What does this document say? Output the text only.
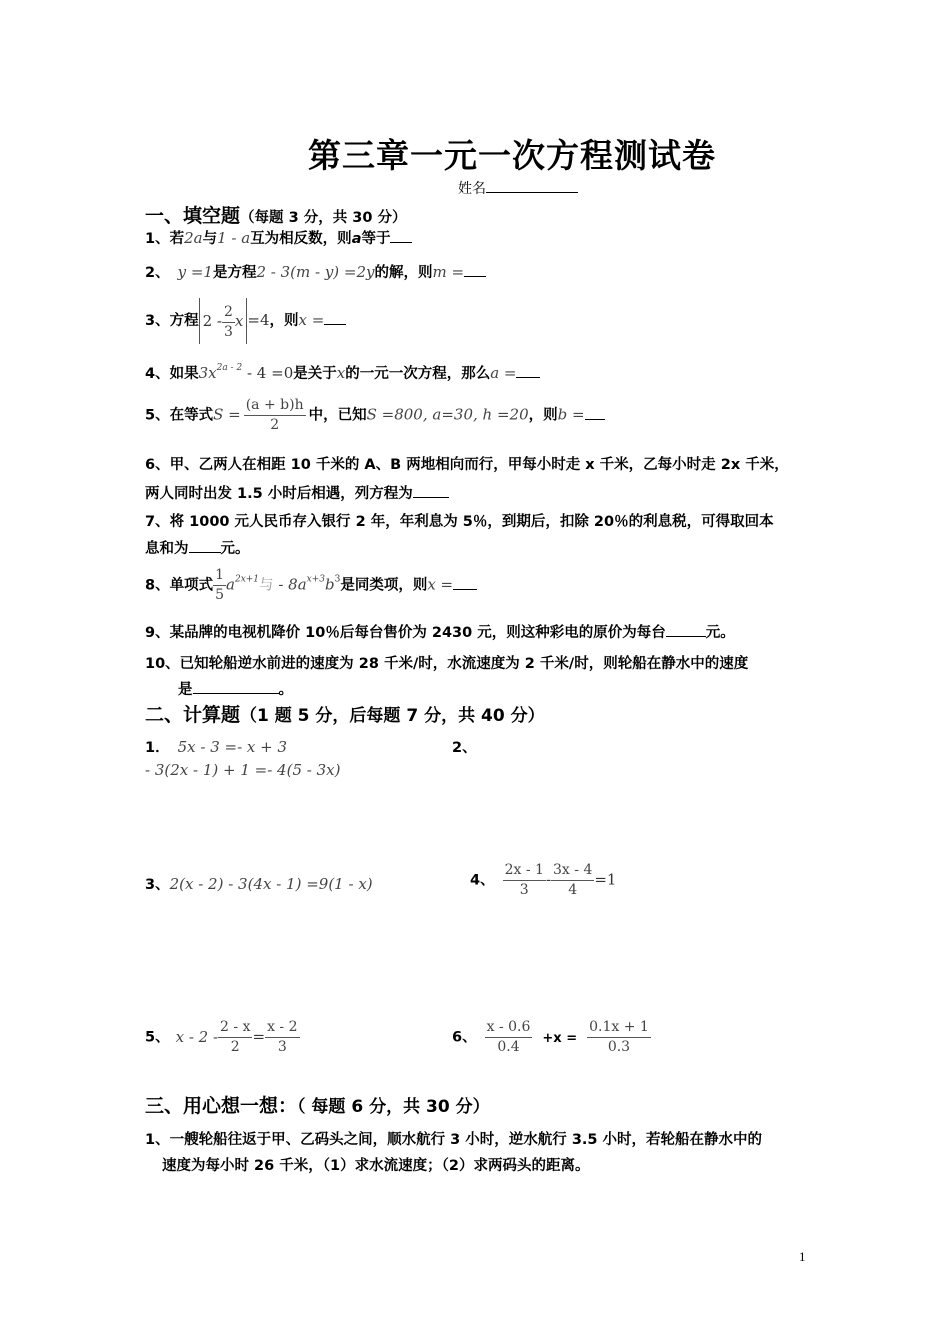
第三章一元一次方程测试卷
姓名
一、填空题（每题 3 分，共 30 分）
1、若2a与1 - a互为相反数，则a等于
2、 y =1是方程2 - 3(m - y) =2y的解，则m =
3、方程 $2 - \frac{2}{3}$ x =4，则x =
4、如果$3x^{2a - 2} - 4 =0$是关于x的一元一次方程，那么a =
5、在等式$S = \frac{(a + b)h}{2}$ 中，已知S =800, a=30, h =20，则b =
6、甲、乙两人在相距 10 千米的 A、B 两地相向而行，甲每小时走 x 千米，乙每小时走 2x 千米，
两人同时出发 1.5 小时后相遇，列方程为
7、将 1000 元人民币存入银行 2 年，年利息为 5％，到期后，扣除 20％的利息税，可得取回本
息和为 元。
8、单项式 $\frac{1}{5} a^{2x+1}$与 - $8a^{x+3}b^3$是同类项，则x =
9、某品牌的电视机降价 10％后每台售价为 2430 元，则这种彩电的原价为每台	元。
10、已知轮船逆水前进的速度为 28 千米/时，水流速度为 2 千米/时，则轮船在静水中的速度
是	。
二、计算题（1 题 5 分，后每题 7 分，共 40 分）
1． 5x - 3 =- x + 3	2、
- 3(2x - 1) + 1 =- 4(5 - 3x)
3、2(x - 2) - 3(4x - 1) =9(1 - x)	4、 $\frac{2x - 1}{3} - \frac{3x - 4}{4} =1$
5、 $x - 2 - \frac{2 - x}{2} = \frac{x - 2}{3}$	6、 $\frac{x - 0.6}{0.4} +x = \frac{0.1x + 1}{0.3}$
三、用心想一想：（ 每题 6 分，共 30 分）
1、一艘轮船往返于甲、乙码头之间，顺水航行 3 小时，逆水航行 3.5 小时，若轮船在静水中的
速度为每小时 26 千米，（1）求水流速度；（2）求两码头的距离。
1
